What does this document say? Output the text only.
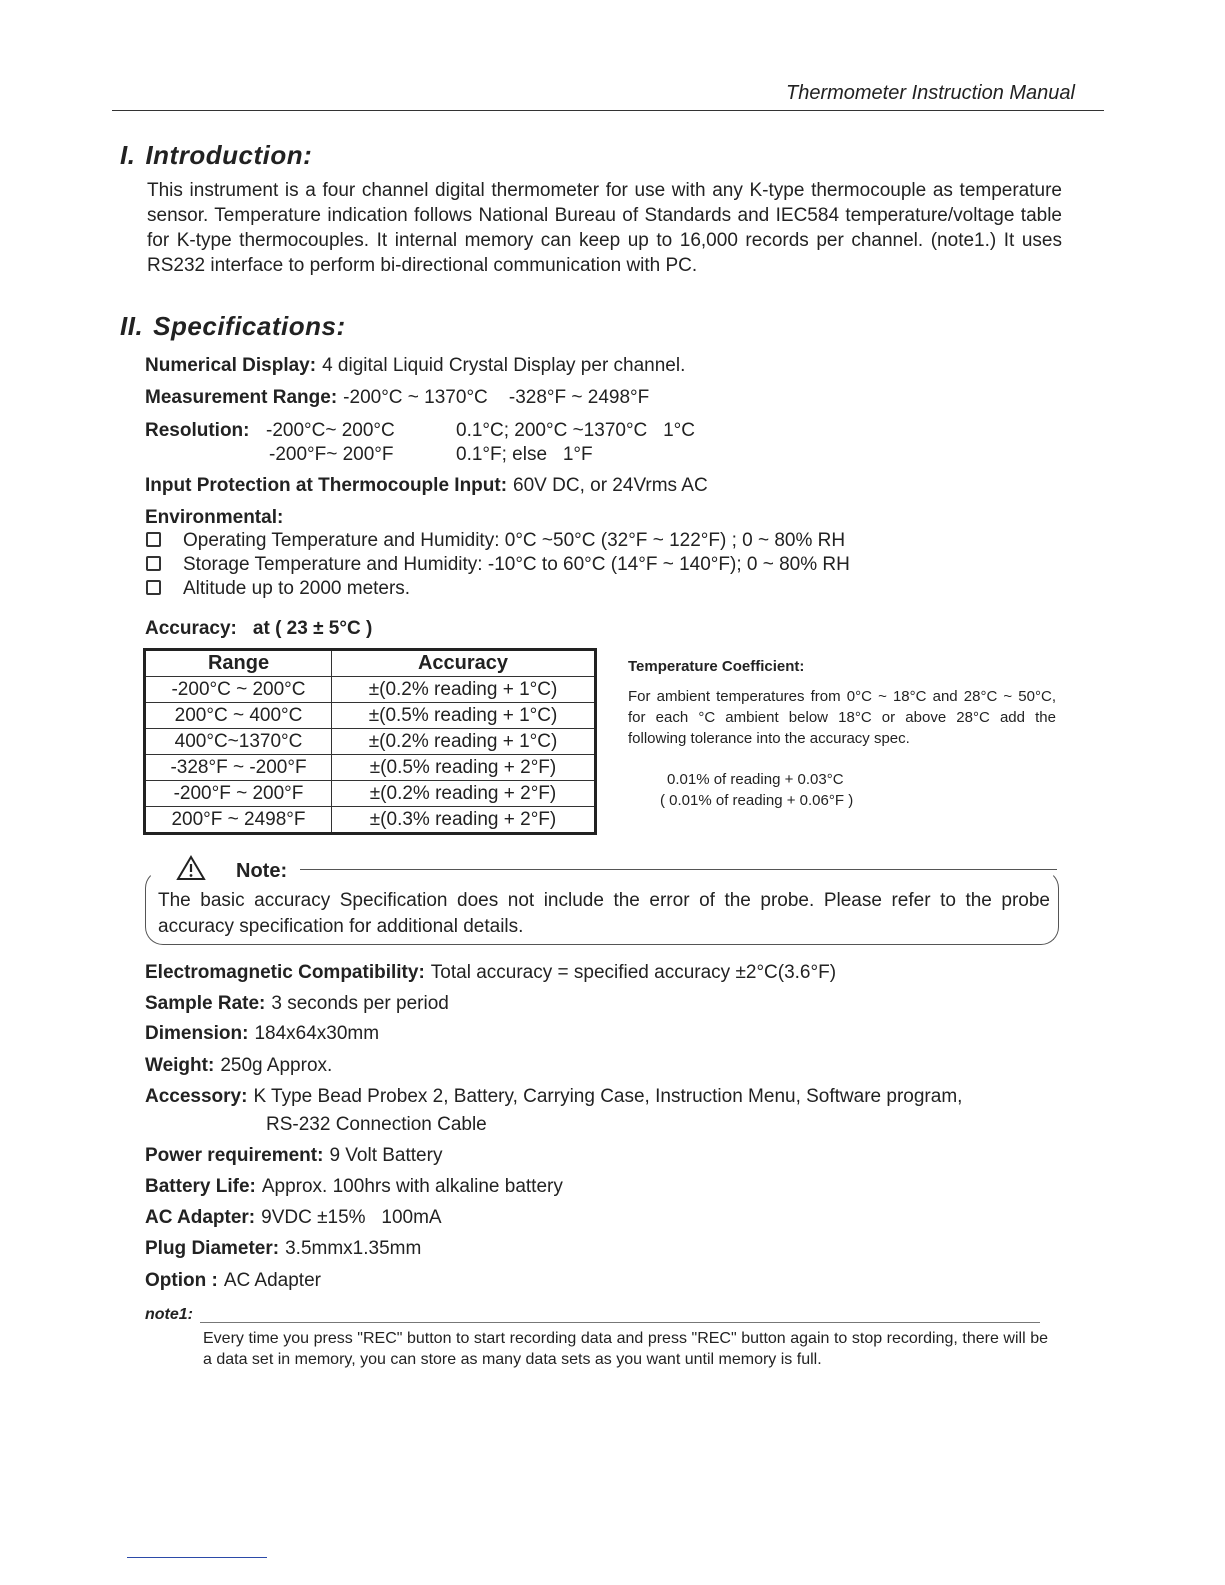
Thermometer Instruction Manual
I. Introduction:
This instrument is a four channel digital thermometer for use with any K-type thermocouple as temperature sensor. Temperature indication follows National Bureau of Standards and IEC584 temperature/voltage table for K-type thermocouples. It internal memory can keep up to 16,000 records per channel. (note1.) It uses RS232 interface to perform bi-directional communication with PC.
II. Specifications:
Numerical Display: 4 digital Liquid Crystal Display per channel.
Measurement Range: -200°C ~ 1370°C    -328°F ~ 2498°F
Resolution: -200°C~ 200°C	0.1°C; 200°C ~1370°C   1°C
-200°F~ 200°F	0.1°F; else   1°F
Input Protection at Thermocouple Input: 60V DC, or 24Vrms AC
Environmental:
Operating Temperature and Humidity: 0°C ~50°C (32°F ~ 122°F) ; 0 ~ 80% RH
Storage Temperature and Humidity: -10°C to 60°C (14°F ~ 140°F); 0 ~ 80% RH
Altitude up to 2000 meters.
Accuracy: at ( 23 ± 5°C )
Range	Accuracy
-200°C ~ 200°C	±(0.2% reading + 1°C)
200°C ~ 400°C	±(0.5% reading + 1°C)
400°C~1370°C	±(0.2% reading + 1°C)
-328°F ~ -200°F	±(0.5% reading + 2°F)
-200°F ~ 200°F	±(0.2% reading + 2°F)
200°F ~ 2498°F	±(0.3% reading + 2°F)
Temperature Coefficient:
For ambient temperatures from 0°C ~ 18°C and 28°C ~ 50°C, for each °C ambient below 18°C or above 28°C add the following tolerance into the accuracy spec.
0.01% of reading + 0.03°C
( 0.01% of reading + 0.06°F )
Note:
The basic accuracy Specification does not include the error of the probe. Please refer to the probe accuracy specification for additional details.
Electromagnetic Compatibility: Total accuracy = specified accuracy ±2°C(3.6°F)
Sample Rate: 3 seconds per period
Dimension: 184x64x30mm
Weight: 250g Approx.
Accessory: K Type Bead Probex 2, Battery, Carrying Case, Instruction Menu, Software program,
RS-232 Connection Cable
Power requirement: 9 Volt Battery
Battery Life: Approx. 100hrs with alkaline battery
AC Adapter: 9VDC ±15%   100mA
Plug Diameter: 3.5mmx1.35mm
Option : AC Adapter
note1:
Every time you press "REC" button to start recording data and press "REC" button again to stop recording, there will be a data set in memory, you can store as many data sets as you want until memory is full.
